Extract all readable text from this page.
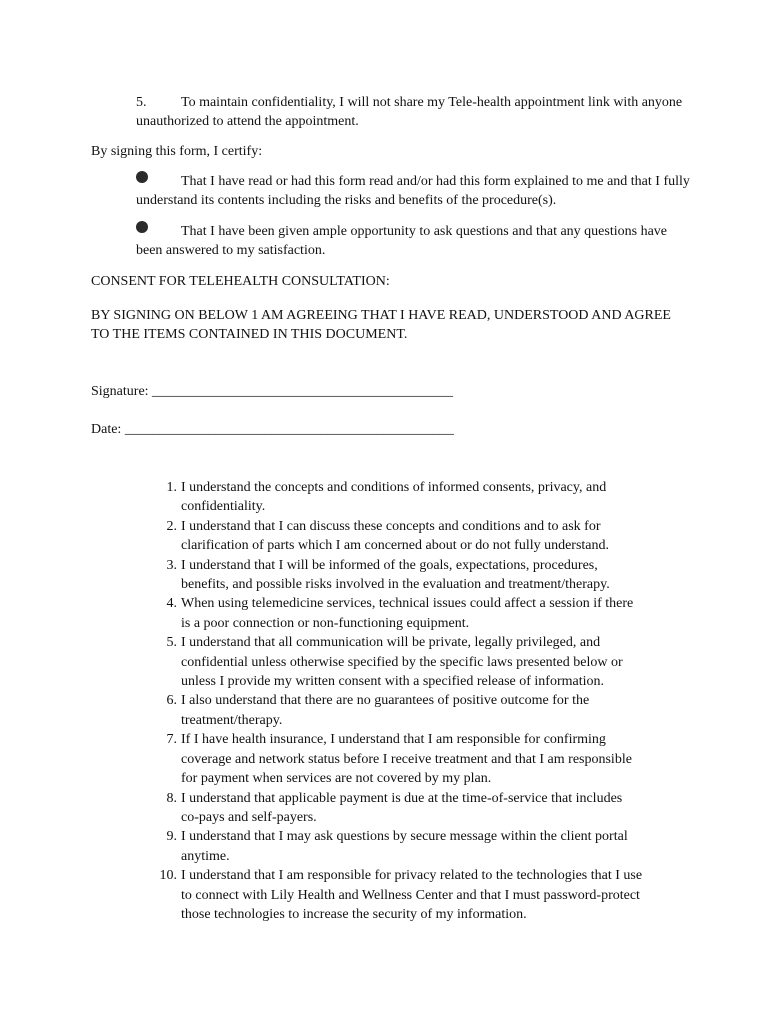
5. To maintain confidentiality, I will not share my Tele-health appointment link with anyone unauthorized to attend the appointment.

By signing this form, I certify:

That I have read or had this form read and/or had this form explained to me and that I fully understand its contents including the risks and benefits of the procedure(s).

That I have been given ample opportunity to ask questions and that any questions have been answered to my satisfaction.

CONSENT FOR TELEHEALTH CONSULTATION:

BY SIGNING ON BELOW 1 AM AGREEING THAT I HAVE READ, UNDERSTOOD AND AGREE TO THE ITEMS CONTAINED IN THIS DOCUMENT.

Signature: ___________________________________________

Date: _______________________________________________

1. I understand the concepts and conditions of informed consents, privacy, and
confidentiality.
2. I understand that I can discuss these concepts and conditions and to ask for
clarification of parts which I am concerned about or do not fully understand.
3. I understand that I will be informed of the goals, expectations, procedures,
benefits, and possible risks involved in the evaluation and treatment/therapy.
4. When using telemedicine services, technical issues could affect a session if there
is a poor connection or non-functioning equipment.
5. I understand that all communication will be private, legally privileged, and
confidential unless otherwise specified by the specific laws presented below or
unless I provide my written consent with a specified release of information.
6. I also understand that there are no guarantees of positive outcome for the
treatment/therapy.
7. If I have health insurance, I understand that I am responsible for confirming
coverage and network status before I receive treatment and that I am responsible
for payment when services are not covered by my plan.
8. I understand that applicable payment is due at the time-of-service that includes
co-pays and self-payers.
9. I understand that I may ask questions by secure message within the client portal
anytime.
10. I understand that I am responsible for privacy related to the technologies that I use
to connect with Lily Health and Wellness Center and that I must password-protect
those technologies to increase the security of my information.
